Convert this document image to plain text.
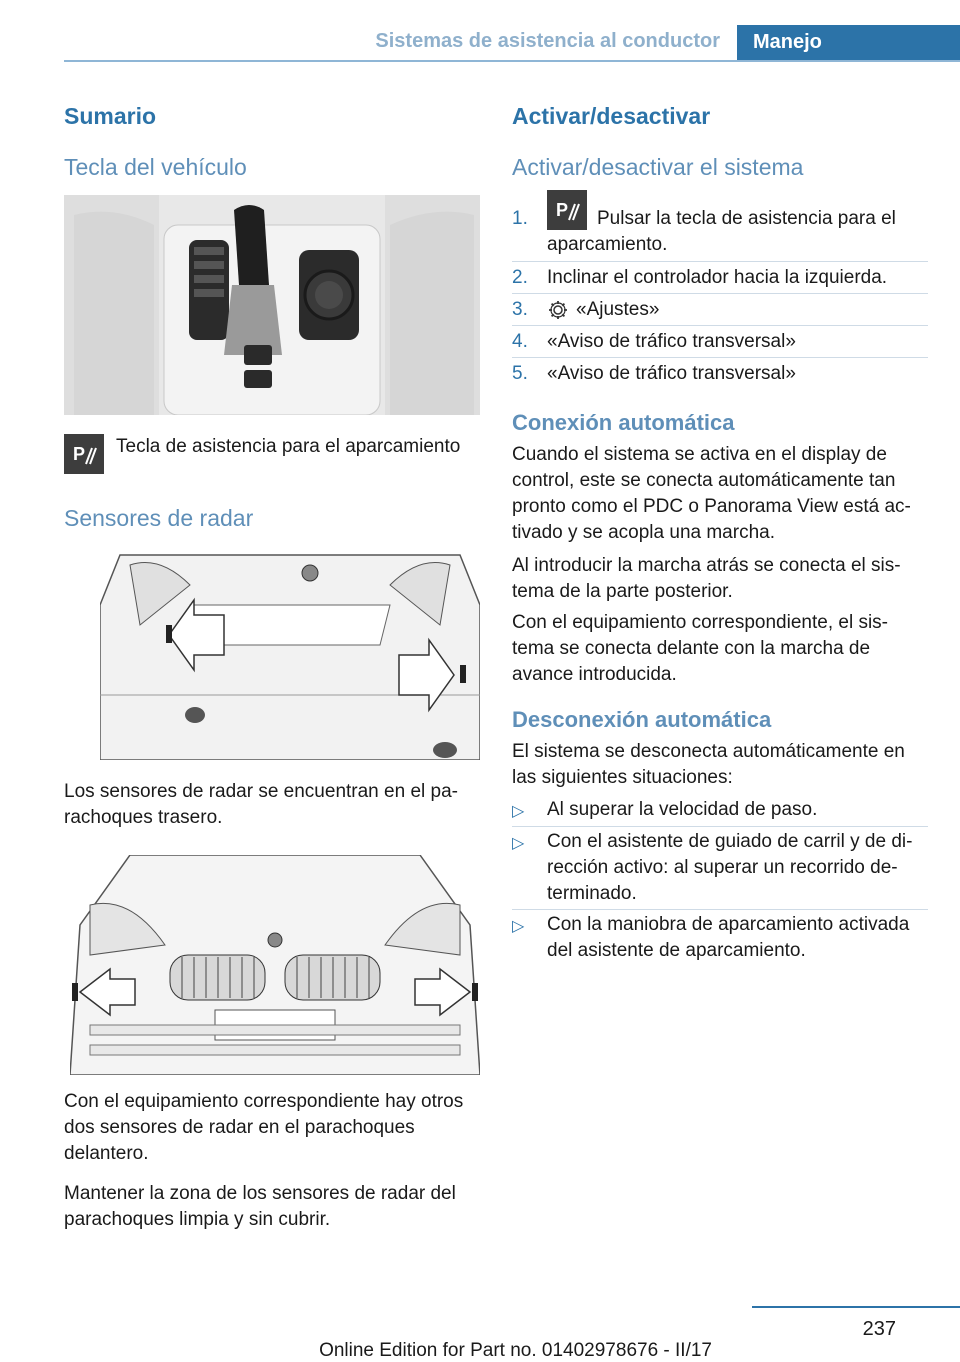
Sistemas de asistencia al conductor	Manejo
Sumario
Tecla del vehículo
P Tecla de asistencia para el aparcamiento
Sensores de radar
Los sensores de radar se encuentran en el pa‐ rachoques trasero.
Con el equipamiento correspondiente hay otros dos sensores de radar en el parachoques delantero.
Mantener la zona de los sensores de radar del parachoques limpia y sin cubrir.
Activar/desactivar
Activar/desactivar el sistema
1. P	Pulsar la tecla de asistencia para el aparcamiento.
2. Inclinar el controlador hacia la izquierda.
3.	«Ajustes»
4. «Aviso de tráfico transversal»
5. «Aviso de tráfico transversal»
Conexión automática
Cuando el sistema se activa en el display de control, este se conecta automáticamente tan pronto como el PDC o Panorama View está ac‐ tivado y se acopla una marcha.
Al introducir la marcha atrás se conecta el sis‐ tema de la parte posterior.
Con el equipamiento correspondiente, el sis‐ tema se conecta delante con la marcha de avance introducida.
Desconexión automática
El sistema se desconecta automáticamente en las siguientes situaciones:
▷ Al superar la velocidad de paso.
▷ Con el asistente de guiado de carril y de di‐ rección activo: al superar un recorrido de‐ terminado.
▷ Con la maniobra de aparcamiento activada del asistente de aparcamiento.
237
Online Edition for Part no. 01402978676 - II/17
